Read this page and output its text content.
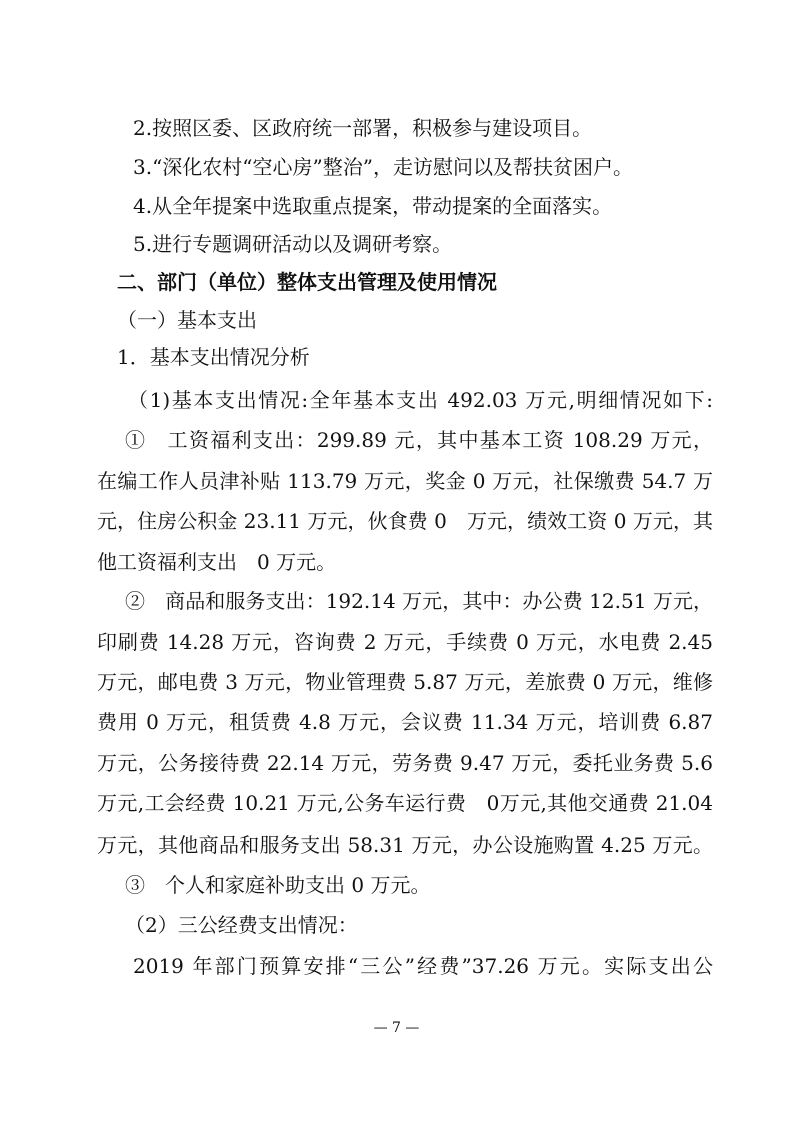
2.按照区委、区政府统一部署，积极参与建设项目。
3.“深化农村“空心房”整治”，走访慰问以及帮扶贫困户。
4.从全年提案中选取重点提案，带动提案的全面落实。
5.进行专题调研活动以及调研考察。
二、部门（单位）整体支出管理及使用情况
（一）基本支出
1．基本支出情况分析
（1)基本支出情况:全年基本支出 492.03 万元,明细情况如下:
①　工资福利支出：299.89 元，其中基本工资 108.29 万元，
在编工作人员津补贴 113.79 万元，奖金 0 万元，社保缴费 54.7 万
元，住房公积金 23.11 万元，伙食费 0　万元，绩效工资 0 万元，其
他工资福利支出　0 万元。
②　商品和服务支出：192.14 万元，其中：办公费 12.51 万元，
印刷费 14.28 万元，咨询费 2 万元，手续费 0 万元，水电费 2.45
万元，邮电费 3 万元，物业管理费 5.87 万元，差旅费 0 万元，维修
费用 0 万元，租赁费 4.8 万元，会议费 11.34 万元，培训费 6.87
万元，公务接待费 22.14 万元，劳务费 9.47 万元，委托业务费 5.6
万元,工会经费 10.21 万元,公务车运行费　0万元,其他交通费 21.04
万元，其他商品和服务支出 58.31 万元，办公设施购置 4.25 万元。
③　个人和家庭补助支出 0 万元。
（2）三公经费支出情况：
2019 年部门预算安排“三公”经费”37.26 万元。实际支出公
— 7 —
